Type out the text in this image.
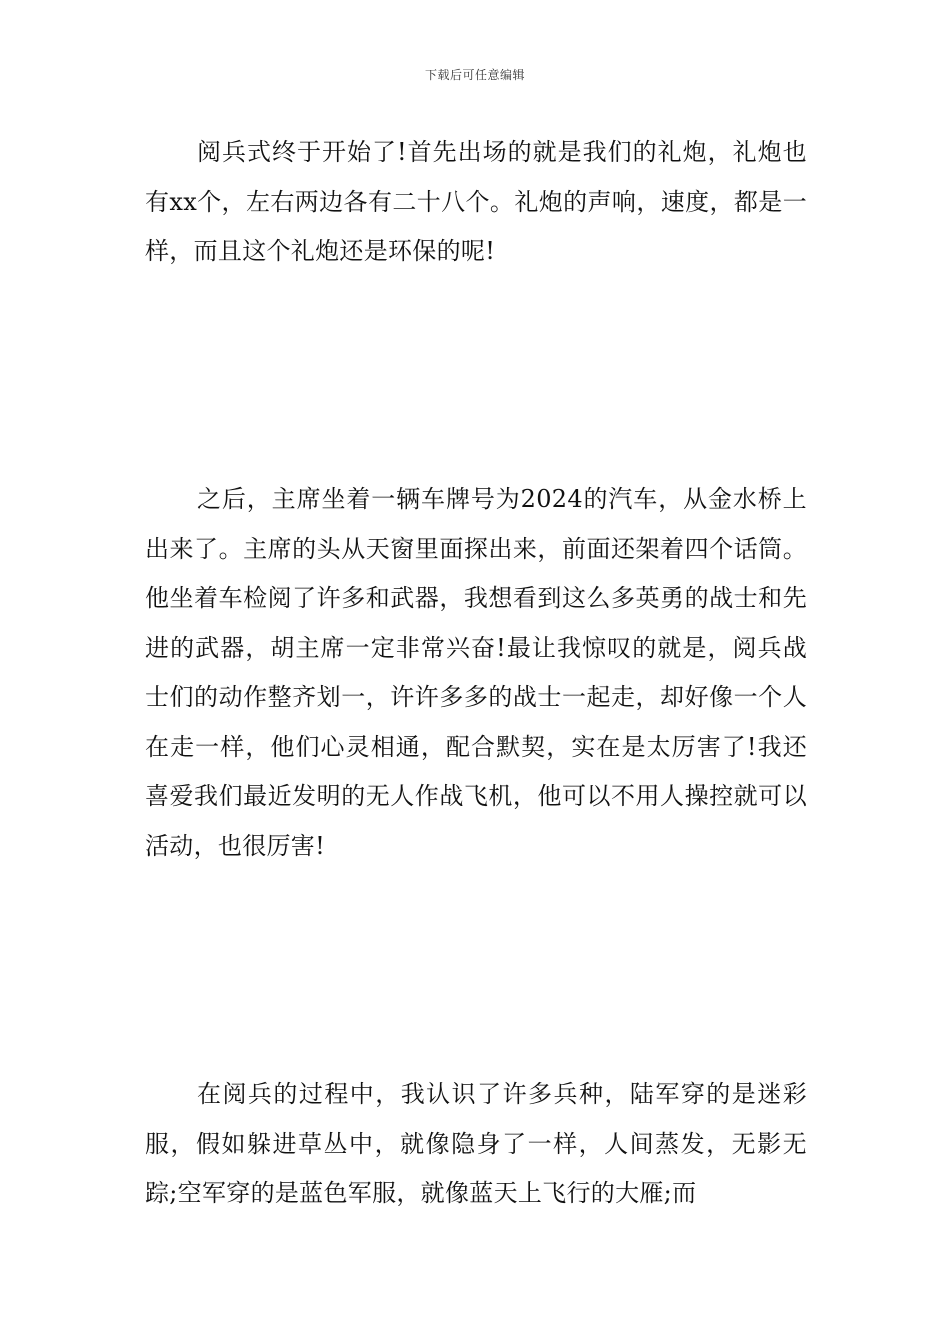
下载后可任意编辑

阅兵式终于开始了!首先出场的就是我们的礼炮，礼炮也有xx个，左右两边各有二十八个。礼炮的声响，速度，都是一样，而且这个礼炮还是环保的呢!

之后，主席坐着一辆车牌号为2024的汽车，从金水桥上出来了。主席的头从天窗里面探出来，前面还架着四个话筒。他坐着车检阅了许多和武器，我想看到这么多英勇的战士和先进的武器，胡主席一定非常兴奋!最让我惊叹的就是，阅兵战士们的动作整齐划一，许许多多的战士一起走，却好像一个人在走一样，他们心灵相通，配合默契，实在是太厉害了!我还喜爱我们最近发明的无人作战飞机，他可以不用人操控就可以活动，也很厉害!

在阅兵的过程中，我认识了许多兵种，陆军穿的是迷彩服，假如躲进草丛中，就像隐身了一样，人间蒸发，无影无踪;空军穿的是蓝色军服，就像蓝天上飞行的大雁;而
